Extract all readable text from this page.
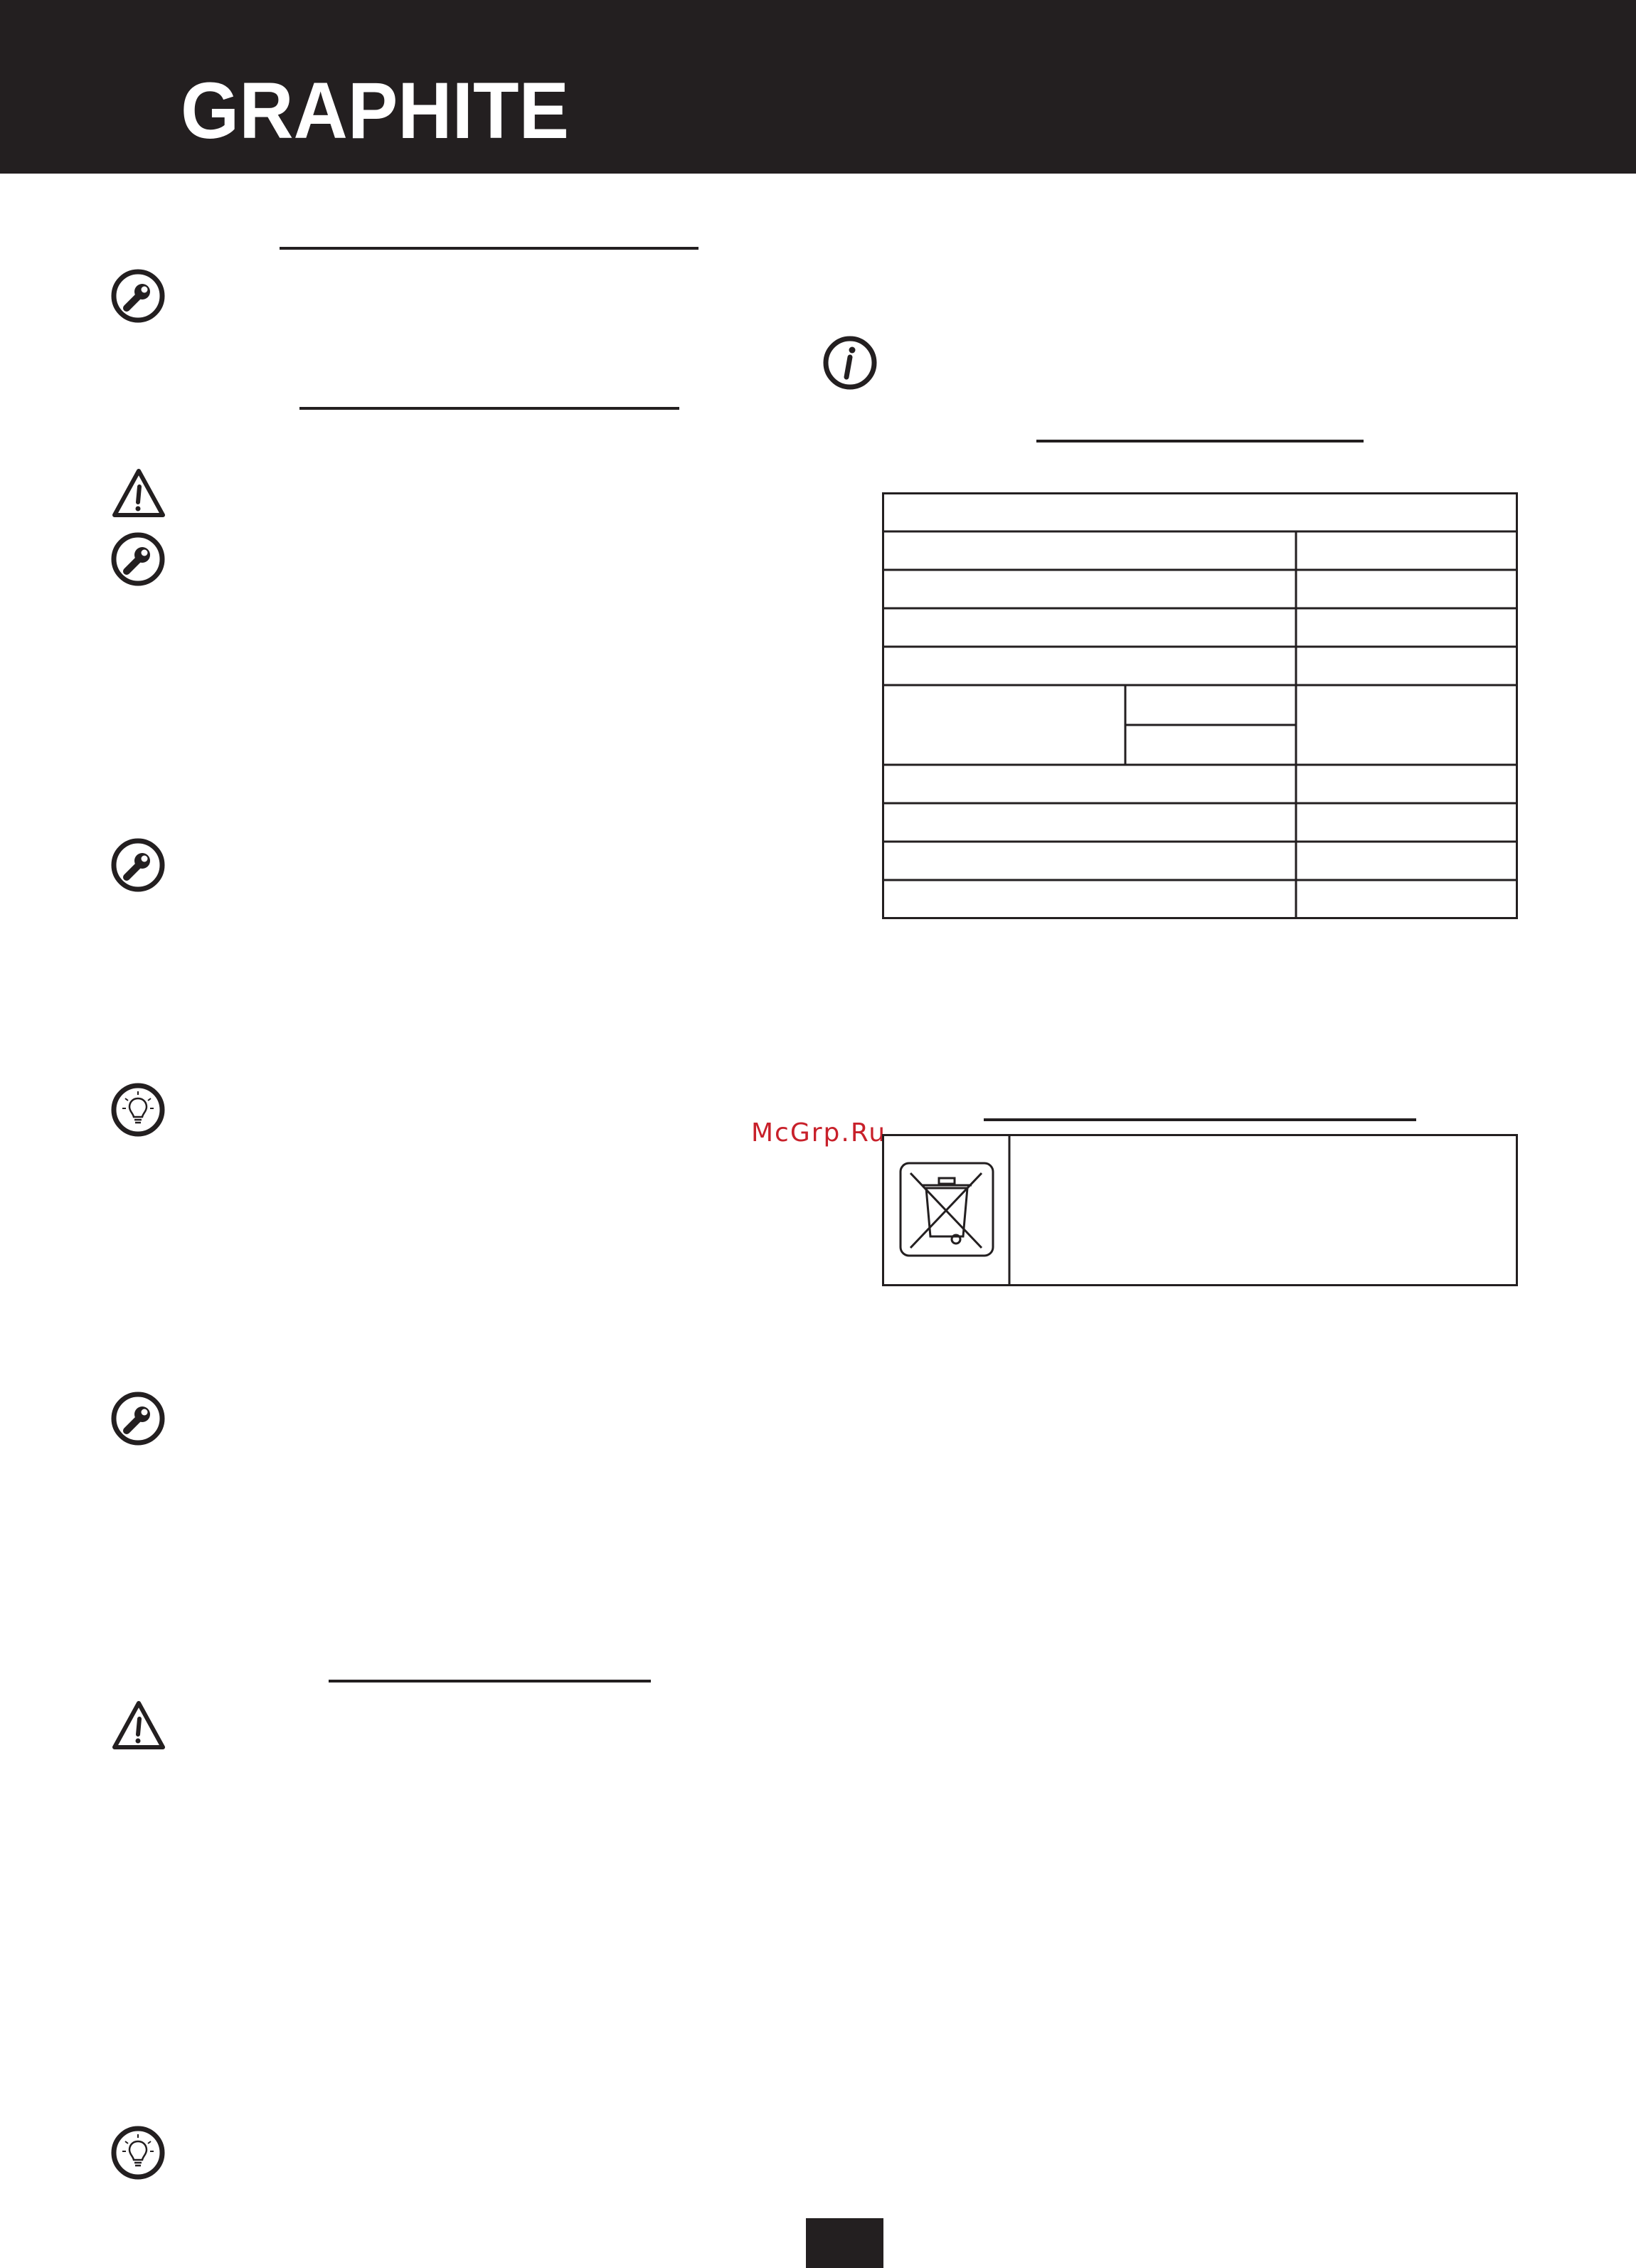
GRAPHITE
McGrp.Ru
